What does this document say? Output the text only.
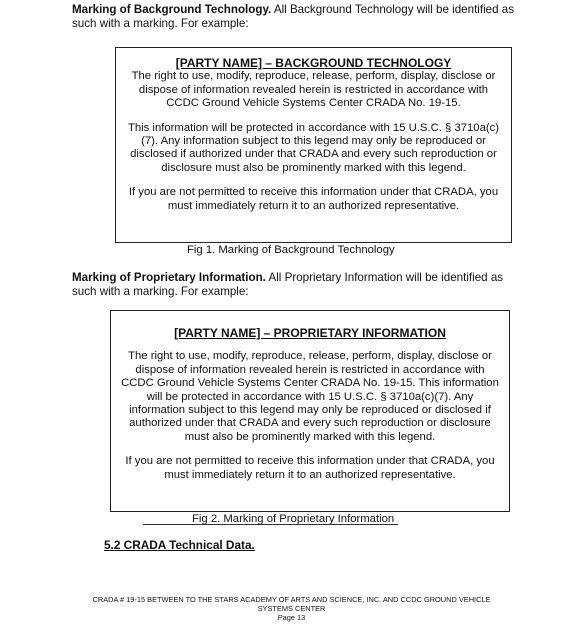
Marking of Background Technology. All Background Technology will be identified as such with a marking. For example:

[PARTY NAME] – BACKGROUND TECHNOLOGY

The right to use, modify, reproduce, release, perform, display, disclose or dispose of information revealed herein is restricted in accordance with CCDC Ground Vehicle Systems Center CRADA No. 19-15.

This information will be protected in accordance with 15 U.S.C. § 3710a(c)(7). Any information subject to this legend may only be reproduced or disclosed if authorized under that CRADA and every such reproduction or disclosure must also be prominently marked with this legend.

If you are not permitted to receive this information under that CRADA, you must immediately return it to an authorized representative.

Fig 1. Marking of Background Technology
Marking of Proprietary Information. All Proprietary Information will be identified as such with a marking. For example:

[PARTY NAME] – PROPRIETARY INFORMATION

The right to use, modify, reproduce, release, perform, display, disclose or dispose of information revealed herein is restricted in accordance with CCDC Ground Vehicle Systems Center CRADA No. 19-15. This information will be protected in accordance with 15 U.S.C. § 3710a(c)(7). Any information subject to this legend may only be reproduced or disclosed if authorized under that CRADA and every such reproduction or disclosure must also be prominently marked with this legend.

If you are not permitted to receive this information under that CRADA, you must immediately return it to an authorized representative.

Fig 2. Marking of Proprietary Information
5.2 CRADA Technical Data.
CRADA # 19-15 BETWEEN TO THE STARS ACADEMY OF ARTS AND SCIENCE, INC. AND CCDC GROUND VEHICLE
SYSTEMS CENTER
Page 13
